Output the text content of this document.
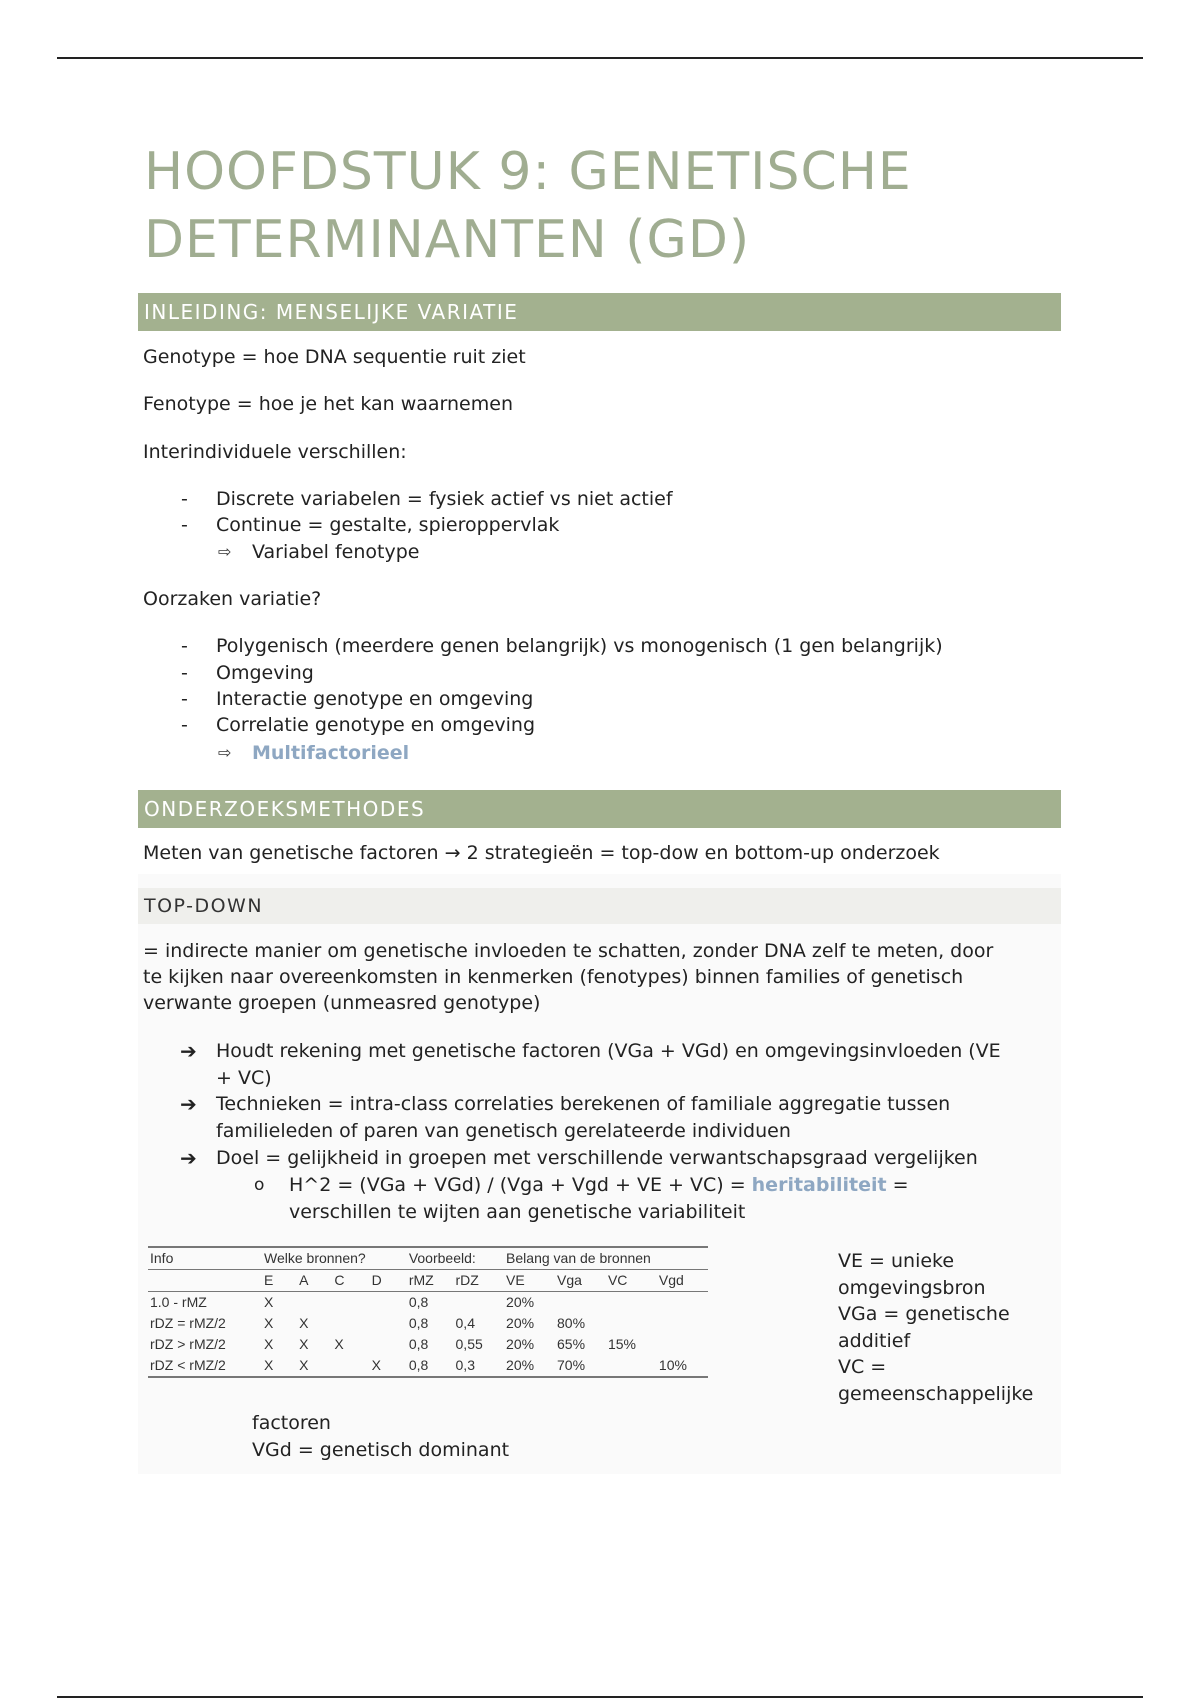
HOOFDSTUK 9: GENETISCHE
DETERMINANTEN (GD)
INLEIDING: MENSELIJKE VARIATIE
Genotype = hoe DNA sequentie ruit ziet
Fenotype = hoe je het kan waarnemen
Interindividuele verschillen:
- Discrete variabelen = fysiek actief vs niet actief
- Continue = gestalte, spieroppervlak
⇨ Variabel fenotype
Oorzaken variatie?
- Polygenisch (meerdere genen belangrijk) vs monogenisch (1 gen belangrijk)
- Omgeving
- Interactie genotype en omgeving
- Correlatie genotype en omgeving
⇨ Multifactorieel
ONDERZOEKSMETHODES
Meten van genetische factoren → 2 strategieën = top-dow en bottom-up onderzoek
TOP-DOWN
= indirecte manier om genetische invloeden te schatten, zonder DNA zelf te meten, door
te kijken naar overeenkomsten in kenmerken (fenotypes) binnen families of genetisch
verwante groepen (unmeasred genotype)
➔ Houdt rekening met genetische factoren (VGa + VGd) en omgevingsinvloeden (VE
+ VC)
➔ Technieken = intra-class correlaties berekenen of familiale aggregatie tussen
familieleden of paren van genetisch gerelateerde individuen
➔ Doel = gelijkheid in groepen met verschillende verwantschapsgraad vergelijken
o H^2 = (VGa + VGd) / (Vga + Vgd + VE + VC) = heritabiliteit =
verschillen te wijten aan genetische variabiliteit
Info	Welke bronnen?				Voorbeeld:		Belang van de bronnen			
	E	A	C	D	rMZ	rDZ	VE	Vga	VC	Vgd
1.0 - rMZ	X				0,8		20%			
rDZ = rMZ/2	X	X			0,8	0,4	20%	80%		
rDZ > rMZ/2	X	X	X		0,8	0,55	20%	65%	15%	
rDZ < rMZ/2	X	X		X	0,8	0,3	20%	70%		10%
VE = unieke
omgevingsbron
VGa = genetische
additief
VC =
gemeenschappelijke
factoren
VGd = genetisch dominant
